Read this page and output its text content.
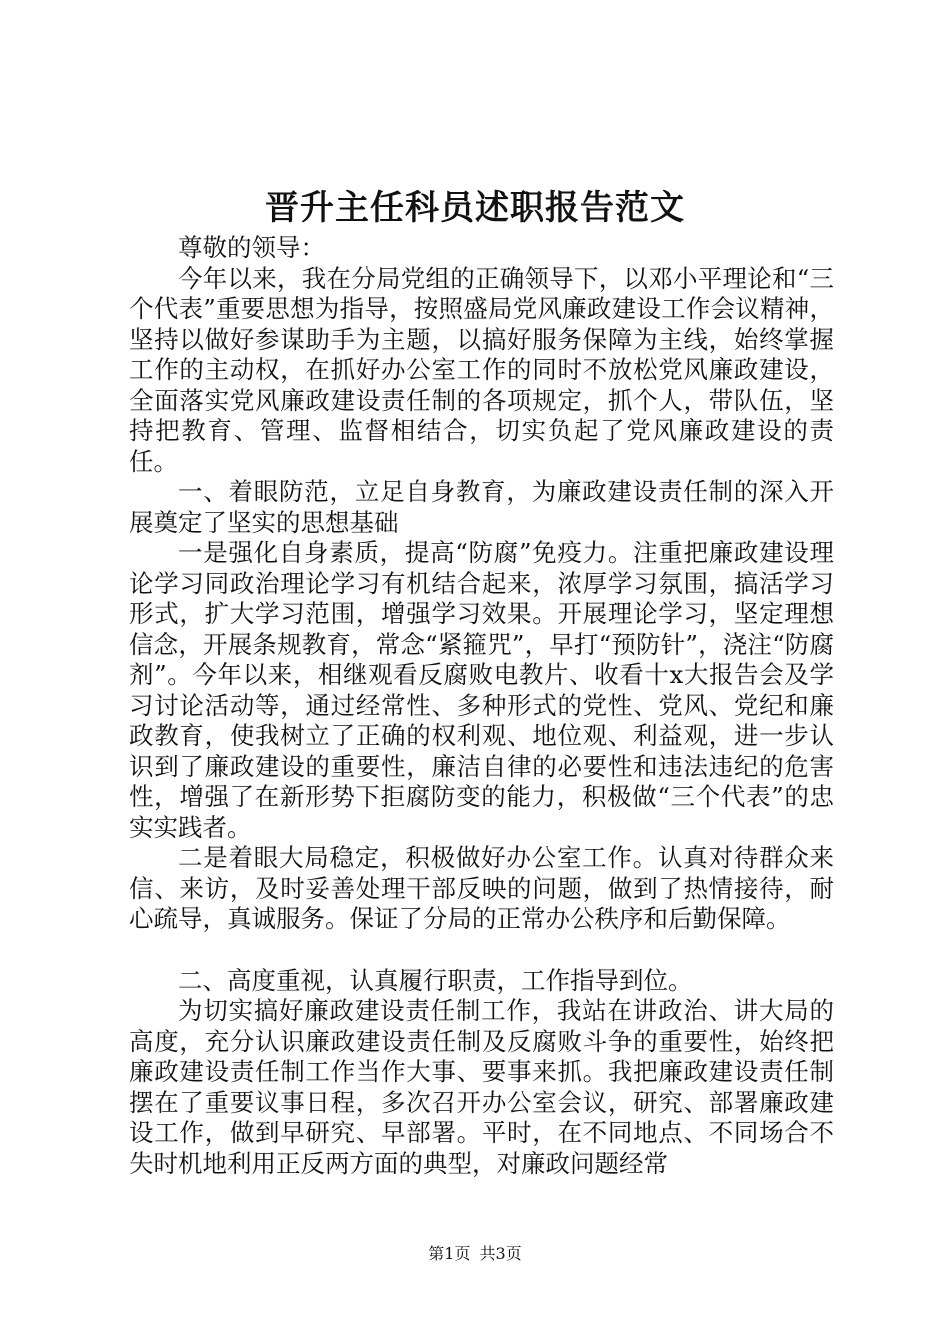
晋升主任科员述职报告范文

尊敬的领导：

今年以来，我在分局党组的正确领导下，以邓小平理论和“三个代表”重要思想为指导，按照盛局党风廉政建设工作会议精神，坚持以做好参谋助手为主题，以搞好服务保障为主线，始终掌握工作的主动权，在抓好办公室工作的同时不放松党风廉政建设，全面落实党风廉政建设责任制的各项规定，抓个人，带队伍，坚持把教育、管理、监督相结合，切实负起了党风廉政建设的责任。

一、着眼防范，立足自身教育，为廉政建设责任制的深入开展奠定了坚实的思想基础

一是强化自身素质，提高“防腐”免疫力。注重把廉政建设理论学习同政治理论学习有机结合起来，浓厚学习氛围，搞活学习形式，扩大学习范围，增强学习效果。开展理论学习，坚定理想信念，开展条规教育，常念“紧箍咒”，早打“预防针”，浇注“防腐剂”。今年以来，相继观看反腐败电教片、收看十x大报告会及学习讨论活动等，通过经常性、多种形式的党性、党风、党纪和廉政教育，使我树立了正确的权利观、地位观、利益观，进一步认识到了廉政建设的重要性，廉洁自律的必要性和违法违纪的危害性，增强了在新形势下拒腐防变的能力，积极做“三个代表”的忠实实践者。

二是着眼大局稳定，积极做好办公室工作。认真对待群众来信、来访，及时妥善处理干部反映的问题，做到了热情接待，耐心疏导，真诚服务。保证了分局的正常办公秩序和后勤保障。

二、高度重视，认真履行职责，工作指导到位。

为切实搞好廉政建设责任制工作，我站在讲政治、讲大局的高度，充分认识廉政建设责任制及反腐败斗争的重要性，始终把廉政建设责任制工作当作大事、要事来抓。我把廉政建设责任制摆在了重要议事日程，多次召开办公室会议，研究、部署廉政建设工作，做到早研究、早部署。平时，在不同地点、不同场合不失时机地利用正反两方面的典型，对廉政问题经常

第1页 共3页
